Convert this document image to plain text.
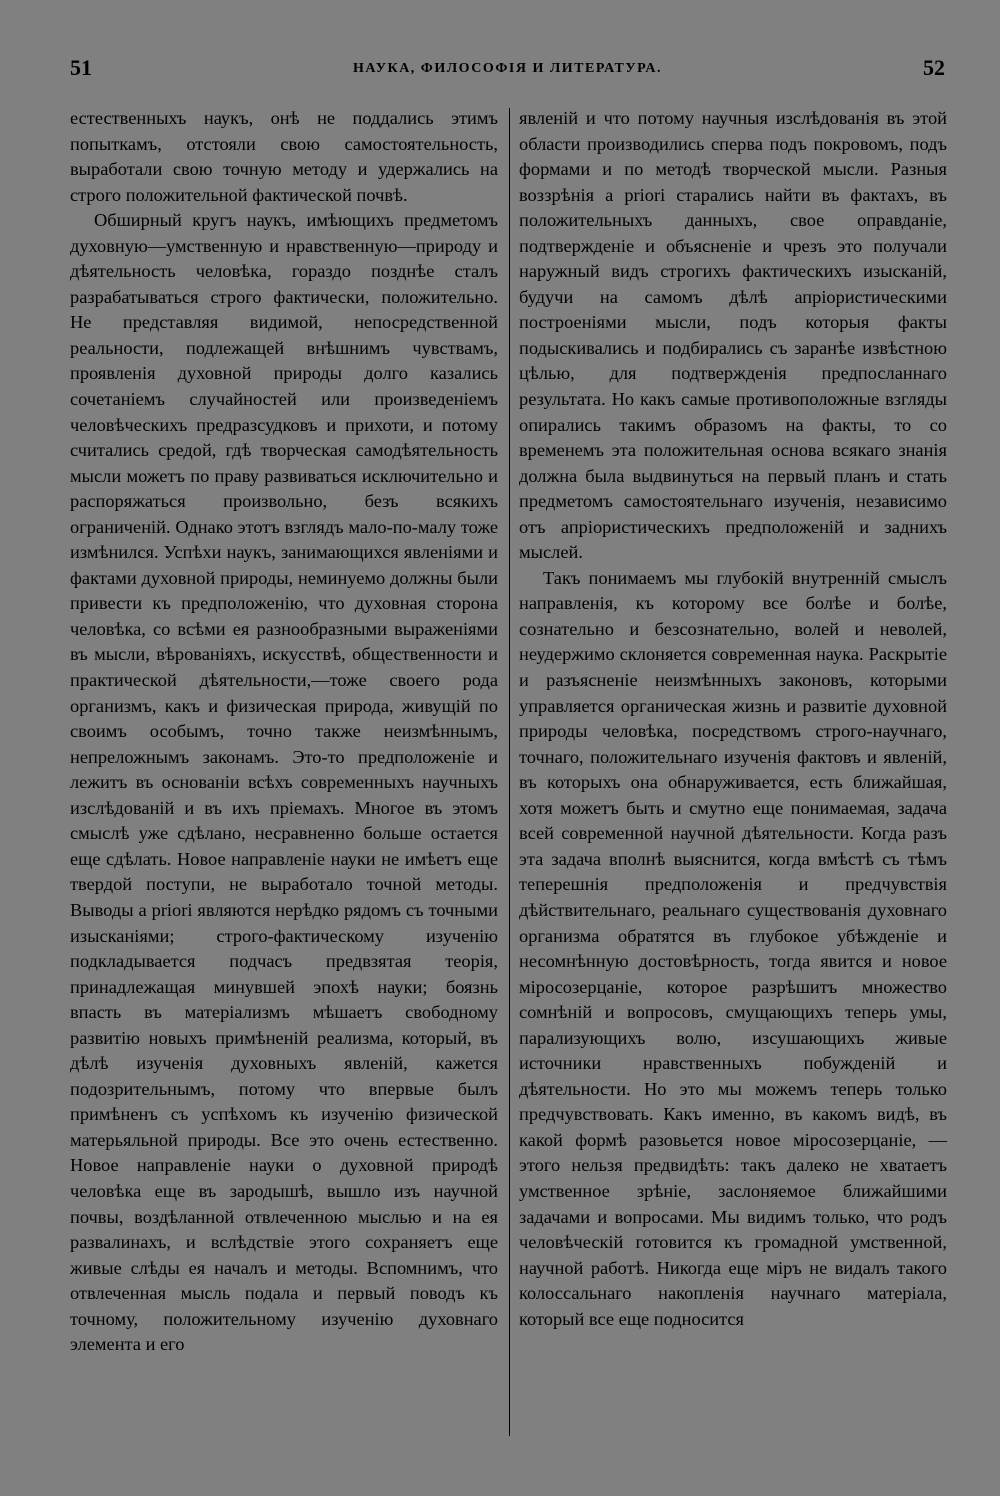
51	НАУКА, ФИЛОСОФІЯ И ЛИТЕРАТУРА.	52

естественныхъ наукъ, онѣ не поддались этимъ попыткамъ, отстояли свою самостоятельность, выработали свою точную методу и удержались на строго положительной фактической почвѣ.

Обширный кругъ наукъ, имѣющихъ предметомъ духовную—умственную и нравственную—природу и дѣятельность человѣка, гораздо позднѣе сталъ разрабатываться строго фактически, положительно. Не представляя видимой, непосредственной реальности, подлежащей внѣшнимъ чувствамъ, проявленія духовной природы долго казались сочетаніемъ случайностей или произведеніемъ человѣческихъ предразсудковъ и прихоти, и потому считались средой, гдѣ творческая самодѣятельность мысли можетъ по праву развиваться исключительно и распоряжаться произвольно, безъ всякихъ ограниченій. Однако этотъ взглядъ мало-по-малу тоже измѣнился. Успѣхи наукъ, занимающихся явленіями и фактами духовной природы, неминуемо должны были привести къ предположенію, что духовная сторона человѣка, со всѣми ея разнообразными выраженіями въ мысли, вѣрованіяхъ, искусствѣ, общественности и практической дѣятельности,—тоже своего рода организмъ, какъ и физическая природа, живущій по своимъ особымъ, точно также неизмѣннымъ, непреложнымъ законамъ. Это-то предположеніе и лежитъ въ основаніи всѣхъ современныхъ научныхъ изслѣдованій и въ ихъ пріемахъ. Многое въ этомъ смыслѣ уже сдѣлано, несравненно больше остается еще сдѣлать. Новое направленіе науки не имѣетъ еще твердой поступи, не выработало точной методы. Выводы a priori являются нерѣдко рядомъ съ точными изысканіями; строго-фактическому изученію подкладывается подчасъ предвзятая теорія, принадлежащая минувшей эпохѣ науки; боязнь впасть въ матеріализмъ мѣшаетъ свободному развитію новыхъ примѣненій реализма, который, въ дѣлѣ изученія духовныхъ явленій, кажется подозрительнымъ, потому что впервые былъ примѣненъ съ успѣхомъ къ изученію физической матерьяльной природы. Все это очень естественно. Новое направленіе науки о духовной природѣ человѣка еще въ зародышѣ, вышло изъ научной почвы, воздѣланной отвлеченною мыслью и на ея развалинахъ, и вслѣдствіе этого сохраняетъ еще живые слѣды ея началъ и методы. Вспомнимъ, что отвлеченная мысль подала и первый поводъ къ точному, положительному изученію духовнаго элемента и его

явленій и что потому научныя изслѣдованія въ этой области производились сперва подъ покровомъ, подъ формами и по методѣ творческой мысли. Разныя воззрѣнія a priori старались найти въ фактахъ, въ положительныхъ данныхъ, свое оправданіе, подтвержденіе и объясненіе и чрезъ это получали наружный видъ строгихъ фактическихъ изысканій, будучи на самомъ дѣлѣ апріористическими построеніями мысли, подъ которыя факты подыскивались и подбирались съ заранѣе извѣстною цѣлью, для подтвержденія предпосланнаго результата. Но какъ самые противоположные взгляды опирались такимъ образомъ на факты, то со временемъ эта положительная основа всякаго знанія должна была выдвинуться на первый планъ и стать предметомъ самостоятельнаго изученія, независимо отъ апріористическихъ предположеній и заднихъ мыслей.

Такъ понимаемъ мы глубокій внутренній смыслъ направленія, къ которому все болѣе и болѣе, сознательно и безсознательно, волей и неволей, неудержимо склоняется современная наука. Раскрытіе и разъясненіе неизмѣнныхъ законовъ, которыми управляется органическая жизнь и развитіе духовной природы человѣка, посредствомъ строго-научнаго, точнаго, положительнаго изученія фактовъ и явленій, въ которыхъ она обнаруживается, есть ближайшая, хотя можетъ быть и смутно еще понимаемая, задача всей современной научной дѣятельности. Когда разъ эта задача вполнѣ выяснится, когда вмѣстѣ съ тѣмъ теперешнія предположенія и предчувствія дѣйствительнаго, реальнаго существованія духовнаго организма обратятся въ глубокое убѣжденіе и несомнѣнную достовѣрность, тогда явится и новое міросозерцаніе, которое разрѣшитъ множество сомнѣній и вопросовъ, смущающихъ теперь умы, парализующихъ волю, изсушающихъ живые источники нравственныхъ побужденій и дѣятельности. Но это мы можемъ теперь только предчувствовать. Какъ именно, въ какомъ видѣ, въ какой формѣ разовьется новое міросозерцаніе, — этого нельзя предвидѣть: такъ далеко не хватаетъ умственное зрѣніе, заслоняемое ближайшими задачами и вопросами. Мы видимъ только, что родъ человѣческій готовится къ громадной умственной, научной работѣ. Никогда еще міръ не видалъ такого колоссальнаго накопленія научнаго матеріала, который все еще подносится
